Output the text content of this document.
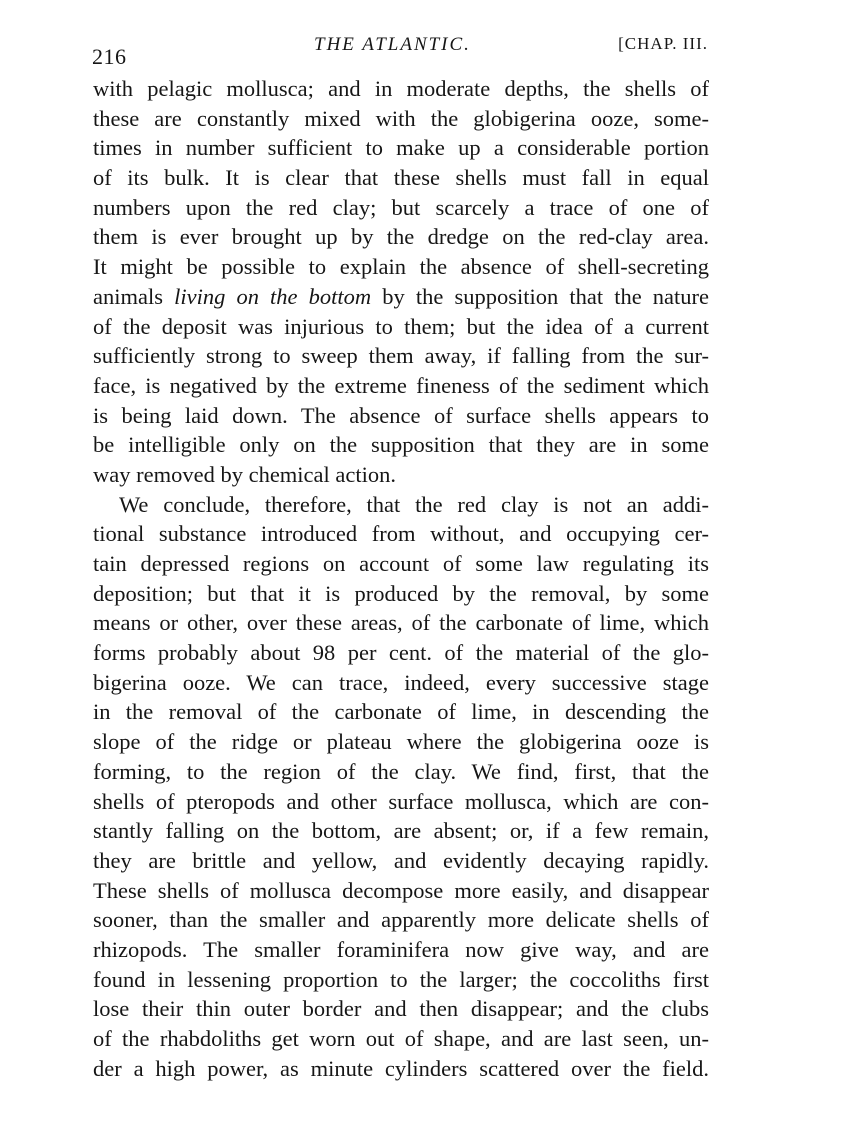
216	THE ATLANTIC.	[CHAP. III.
with pelagic mollusca; and in moderate depths, the shells of
these are constantly mixed with the globigerina ooze, some-
times in number sufficient to make up a considerable portion
of its bulk. It is clear that these shells must fall in equal
numbers upon the red clay; but scarcely a trace of one of
them is ever brought up by the dredge on the red-clay area.
It might be possible to explain the absence of shell-secreting
animals living on the bottom by the supposition that the nature
of the deposit was injurious to them; but the idea of a current
sufficiently strong to sweep them away, if falling from the sur-
face, is negatived by the extreme fineness of the sediment which
is being laid down. The absence of surface shells appears to
be intelligible only on the supposition that they are in some
way removed by chemical action.
We conclude, therefore, that the red clay is not an addi-
tional substance introduced from without, and occupying cer-
tain depressed regions on account of some law regulating its
deposition; but that it is produced by the removal, by some
means or other, over these areas, of the carbonate of lime, which
forms probably about 98 per cent. of the material of the glo-
bigerina ooze. We can trace, indeed, every successive stage
in the removal of the carbonate of lime, in descending the
slope of the ridge or plateau where the globigerina ooze is
forming, to the region of the clay. We find, first, that the
shells of pteropods and other surface mollusca, which are con-
stantly falling on the bottom, are absent; or, if a few remain,
they are brittle and yellow, and evidently decaying rapidly.
These shells of mollusca decompose more easily, and disappear
sooner, than the smaller and apparently more delicate shells of
rhizopods. The smaller foraminifera now give way, and are
found in lessening proportion to the larger; the coccoliths first
lose their thin outer border and then disappear; and the clubs
of the rhabdoliths get worn out of shape, and are last seen, un-
der a high power, as minute cylinders scattered over the field.
